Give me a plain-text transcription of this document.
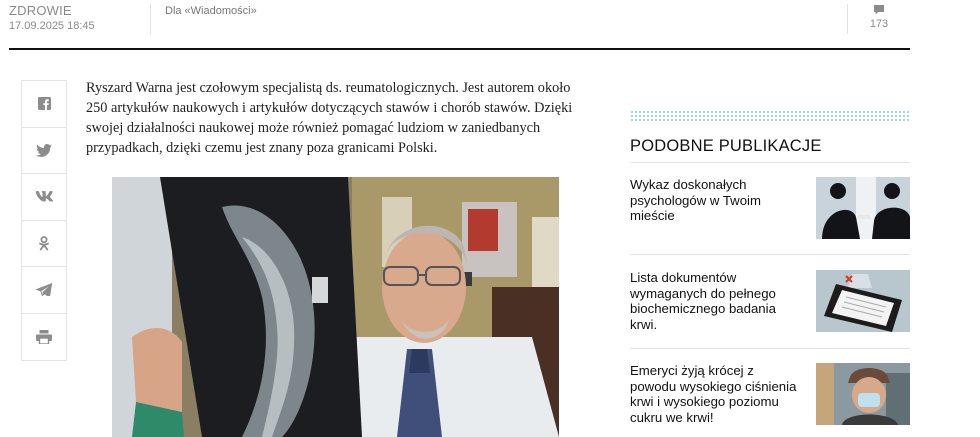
ZDROWIE
17.09.2025 18:45
Dla «Wiadomości»
173

Ryszard Warna jest czołowym specjalistą ds. reumatologicznych. Jest autorem około 250 artykułów naukowych i artykułów dotyczących stawów i chorób stawów. Dzięki swojej działalności naukowej może również pomagać ludziom w zaniedbanych przypadkach, dzięki czemu jest znany poza granicami Polski.	PODOBNE PUBLIKACJE
Wykaz doskonałych psychologów w Twoim mieście
Lista dokumentów wymaganych do pełnego biochemicznego badania krwi.
Emeryci żyją krócej z powodu wysokiego ciśnienia krwi i wysokiego poziomu cukru we krwi!
